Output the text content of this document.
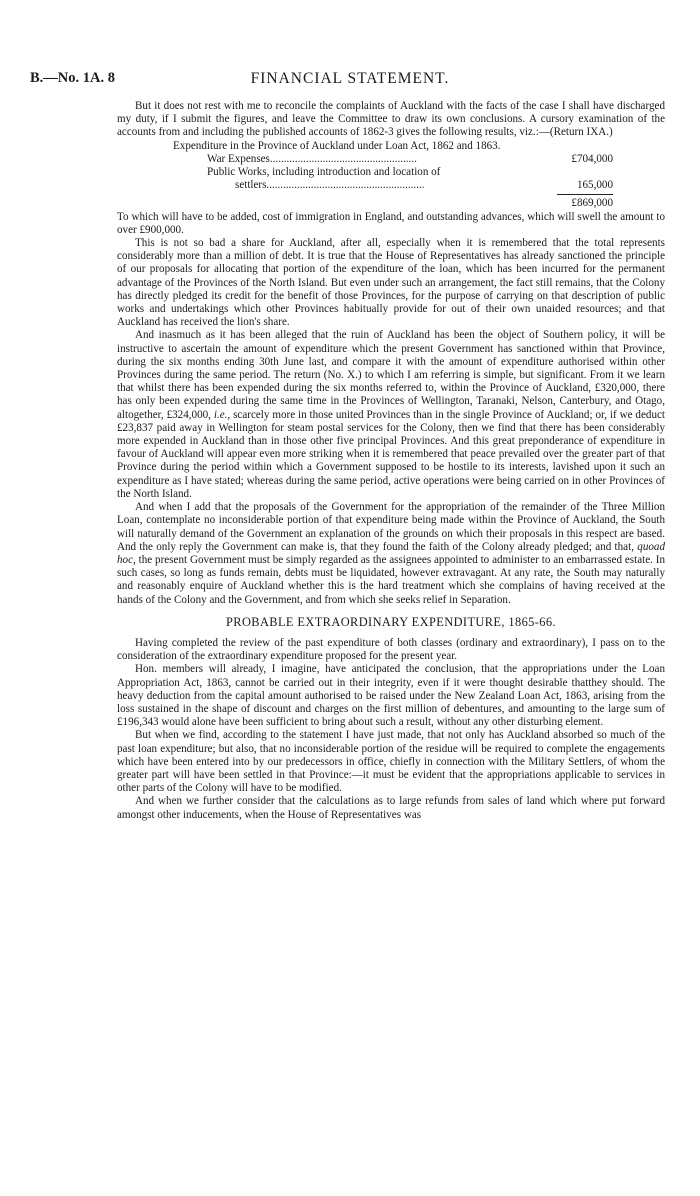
B.—No. 1A. 8	FINANCIAL STATEMENT.

But it does not rest with me to reconcile the complaints of Auckland with the facts of the case I shall have discharged my duty, if I submit the figures, and leave the Committee to draw its own conclusions. A cursory examination of the accounts from and including the published accounts of 1862-3 gives the following results, viz.:—(Return IXA.)

Expenditure in the Province of Auckland under Loan Act, 1862 and 1863.
War Expenses.....................................................	£704,000
Public Works, including introduction and location of
settlers.........................................................	165,000
£869,000

To which will have to be added, cost of immigration in England, and outstanding advances, which will swell the amount to over £900,000.

This is not so bad a share for Auckland, after all, especially when it is remembered that the total represents considerably more than a million of debt. It is true that the House of Representatives has already sanctioned the principle of our proposals for allocating that portion of the expenditure of the loan, which has been incurred for the permanent advantage of the Provinces of the North Island. But even under such an arrangement, the fact still remains, that the Colony has directly pledged its credit for the benefit of those Provinces, for the purpose of carrying on that description of public works and undertakings which other Provinces habitually provide for out of their own unaided resources; and that Auckland has received the lion's share.

And inasmuch as it has been alleged that the ruin of Auckland has been the object of Southern policy, it will be instructive to ascertain the amount of expenditure which the present Government has sanctioned within that Province, during the six months ending 30th June last, and compare it with the amount of expenditure authorised within other Provinces during the same period. The return (No. X.) to which I am referring is simple, but significant. From it we learn that whilst there has been expended during the six months referred to, within the Province of Auckland, £320,000, there has only been expended during the same time in the Provinces of Wellington, Taranaki, Nelson, Canterbury, and Otago, altogether, £324,000, i.e., scarcely more in those united Provinces than in the single Province of Auckland; or, if we deduct £23,837 paid away in Wellington for steam postal services for the Colony, then we find that there has been considerably more expended in Auckland than in those other five principal Provinces. And this great preponderance of expenditure in favour of Auckland will appear even more striking when it is remembered that peace prevailed over the greater part of that Province during the period within which a Government supposed to be hostile to its interests, lavished upon it such an expenditure as I have stated; whereas during the same period, active operations were being carried on in other Provinces of the North Island.

And when I add that the proposals of the Government for the appropriation of the remainder of the Three Million Loan, contemplate no inconsiderable portion of that expenditure being made within the Province of Auckland, the South will naturally demand of the Government an explanation of the grounds on which their proposals in this respect are based. And the only reply the Government can make is, that they found the faith of the Colony already pledged; and that, quoad hoc, the present Government must be simply regarded as the assignees appointed to administer to an embarrassed estate. In such cases, so long as funds remain, debts must be liquidated, however extravagant. At any rate, the South may naturally and reasonably enquire of Auckland whether this is the hard treatment which she complains of having received at the hands of the Colony and the Government, and from which she seeks relief in Separation.

PROBABLE EXTRAORDINARY EXPENDITURE, 1865-66.

Having completed the review of the past expenditure of both classes (ordinary and extraordinary), I pass on to the consideration of the extraordinary expenditure proposed for the present year.

Hon. members will already, I imagine, have anticipated the conclusion, that the appropriations under the Loan Appropriation Act, 1863, cannot be carried out in their integrity, even if it were thought desirable thatthey should. The heavy deduction from the capital amount authorised to be raised under the New Zealand Loan Act, 1863, arising from the loss sustained in the shape of discount and charges on the first million of debentures, and amounting to the large sum of £196,343 would alone have been sufficient to bring about such a result, without any other disturbing element.

But when we find, according to the statement I have just made, that not only has Auckland absorbed so much of the past loan expenditure; but also, that no inconsiderable portion of the residue will be required to complete the engagements which have been entered into by our predecessors in office, chiefly in connection with the Military Settlers, of whom the greater part will have been settled in that Province:—it must be evident that the appropriations applicable to services in other parts of the Colony will have to be modified.

And when we further consider that the calculations as to large refunds from sales of land which where put forward amongst other inducements, when the House of Representatives was
